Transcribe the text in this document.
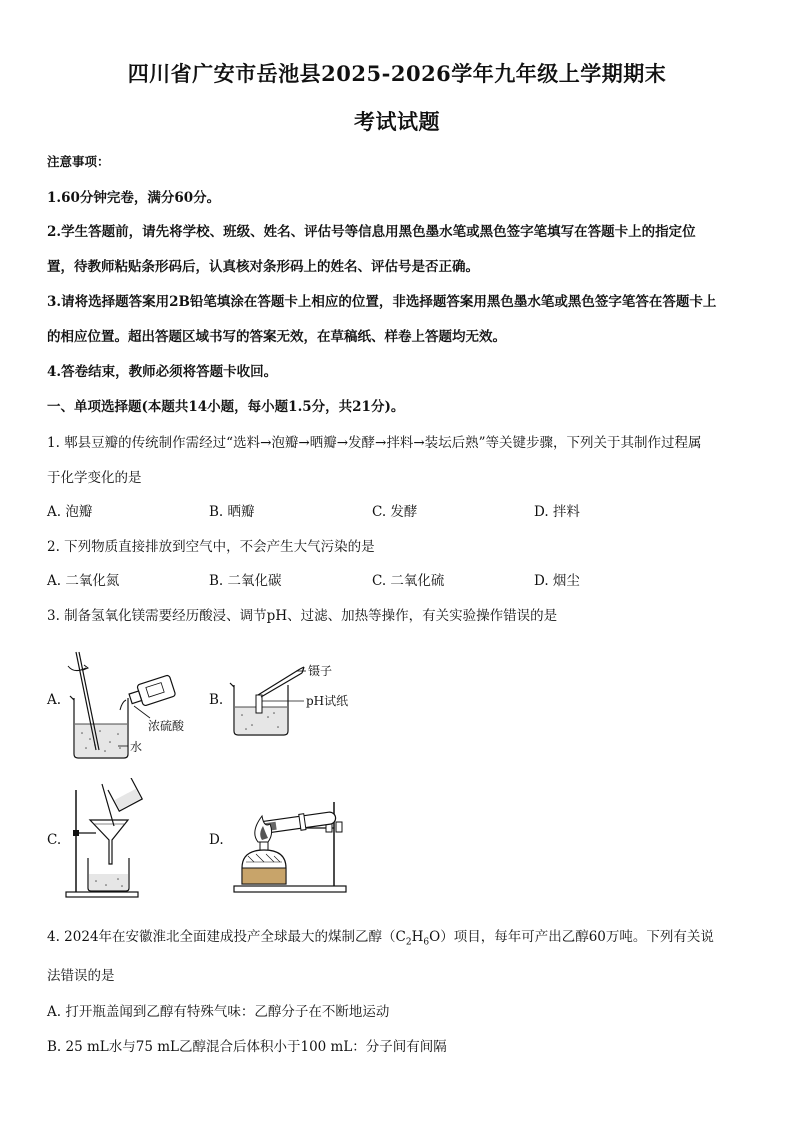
四川省广安市岳池县2025-2026学年九年级上学期期末
考试试题
注意事项：
1.60分钟完卷，满分60分。
2.学生答题前，请先将学校、班级、姓名、评估号等信息用黑色墨水笔或黑色签字笔填写在答题卡上的指定位
置，待教师粘贴条形码后，认真核对条形码上的姓名、评估号是否正确。
3.请将选择题答案用2B铅笔填涂在答题卡上相应的位置，非选择题答案用黑色墨水笔或黑色签字笔答在答题卡上
的相应位置。超出答题区域书写的答案无效，在草稿纸、样卷上答题均无效。
4.答卷结束，教师必须将答题卡收回。
一、单项选择题(本题共14小题，每小题1.5分，共21分)。
1. 郫县豆瓣的传统制作需经过“选料→泡瓣→晒瓣→发酵→拌料→装坛后熟”等关键步骤，下列关于其制作过程属
于化学变化的是
A. 泡瓣	B. 晒瓣	C. 发酵	D. 拌料
2. 下列物质直接排放到空气中，不会产生大气污染的是
A. 二氧化氮	B. 二氧化碳	C. 二氧化硫	D. 烟尘
3. 制备氢氧化镁需要经历酸浸、调节pH、过滤、加热等操作，有关实验操作错误的是
A.
浓硫酸
水
B.
镊子
pH试纸
C.	D.
4. 2024年在安徽淮北全面建成投产全球最大的煤制乙醇$(C_2H_6O)$项目，每年可产出乙醇60万吨。下列有关说
法错误的是
A. 打开瓶盖闻到乙醇有特殊气味：乙醇分子在不断地运动
B. 25 mL水与75 mL乙醇混合后体积小于100 mL：分子间有间隔
